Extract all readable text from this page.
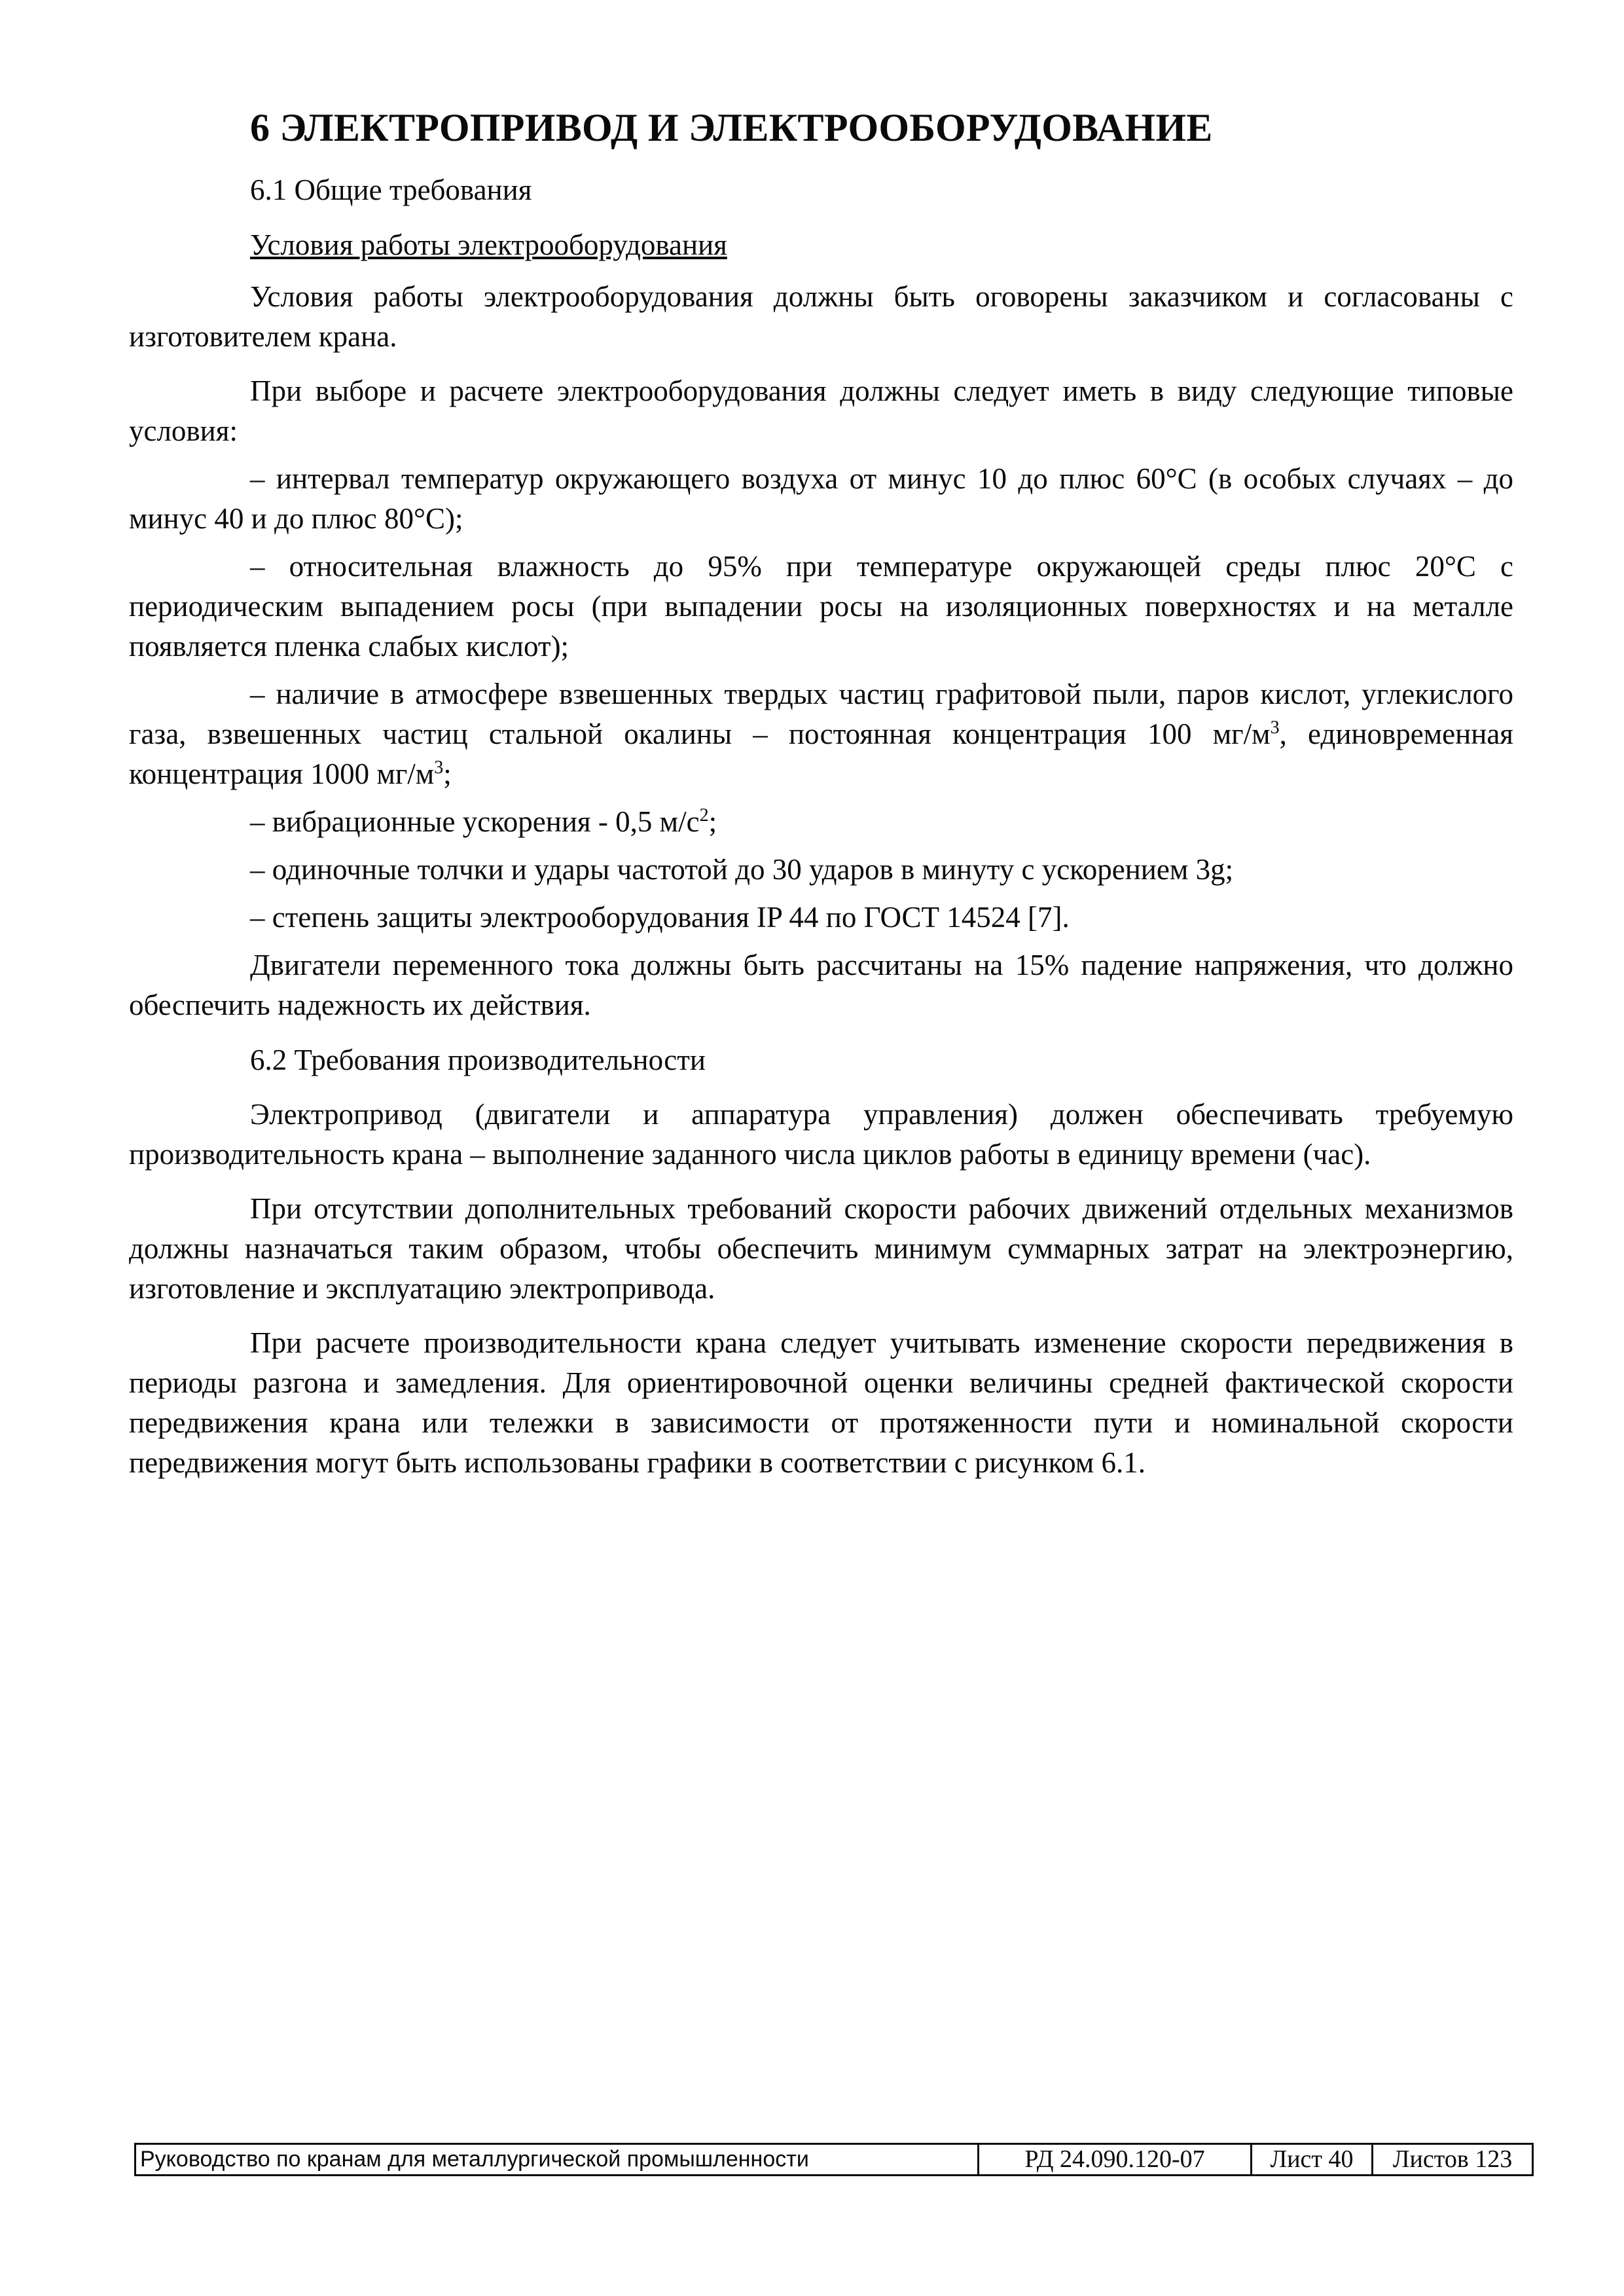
6 ЭЛЕКТРОПРИВОД И ЭЛЕКТРООБОРУДОВАНИЕ
6.1 Общие требования
Условия работы электрооборудования

Условия работы электрооборудования должны быть оговорены заказчиком и согласованы с изготовителем крана.

При выборе и расчете электрооборудования должны следует иметь в виду следующие типовые условия:

– интервал температур окружающего воздуха от минус 10 до плюс 60°С (в особых случаях – до минус 40 и до плюс 80°С);

– относительная влажность до 95% при температуре окружающей среды плюс 20°С с периодическим выпадением росы (при выпадении росы на изоляционных поверхностях и на металле появляется пленка слабых кислот);

– наличие в атмосфере взвешенных твердых частиц графитовой пыли, паров кислот, углекислого газа, взвешенных частиц стальной окалины – постоянная концентрация 100 $мг/м^3$, единовременная концентрация 1000 $мг/м^3$;

– вибрационные ускорения - 0,5 $м/с^2$;

– одиночные толчки и удары частотой до 30 ударов в минуту с ускорением 3g;

– степень защиты электрооборудования IP 44 по ГОСТ 14524 [7].

Двигатели переменного тока должны быть рассчитаны на 15% падение напряжения, что должно обеспечить надежность их действия.

6.2 Требования производительности

Электропривод (двигатели и аппаратура управления) должен обеспечивать требуемую производительность крана – выполнение заданного числа циклов работы в единицу времени (час).

При отсутствии дополнительных требований скорости рабочих движений отдельных механизмов должны назначаться таким образом, чтобы обеспечить минимум суммарных затрат на электроэнергию, изготовление и эксплуатацию электропривода.

При расчете производительности крана следует учитывать изменение скорости передвижения в периоды разгона и замедления. Для ориентировочной оценки величины средней фактической скорости передвижения крана или тележки в зависимости от протяженности пути и номинальной скорости передвижения могут быть использованы графики в соответствии с рисунком 6.1.

Руководство по кранам для металлургической промышленности	РД 24.090.120-07	Лист 40	Листов 123
